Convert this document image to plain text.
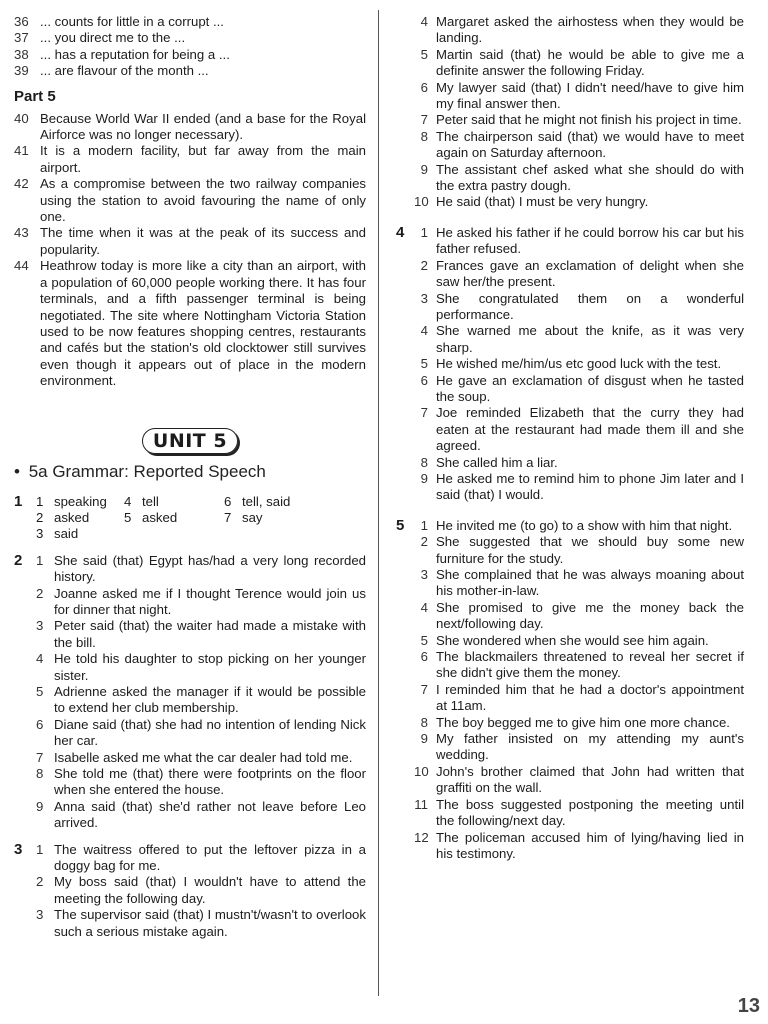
36 ... counts for little in a corrupt ...
37 ... you direct me to the ...
38 ... has a reputation for being a ...
39 ... are flavour of the month ...
Part 5
40 Because World War II ended (and a base for the Royal Airforce was no longer necessary).
41 It is a modern facility, but far away from the main airport.
42 As a compromise between the two railway companies using the station to avoid favouring the name of only one.
43 The time when it was at the peak of its success and popularity.
44 Heathrow today is more like a city than an airport, with a population of 60,000 people working there. It has four terminals, and a fifth passenger terminal is being negotiated. The site where Nottingham Victoria Station used to be now features shopping centres, restaurants and cafés but the station's old clocktower still survives even though it appears out of place in the modern environment.
UNIT 5
• 5a Grammar: Reported Speech
1	1 speaking	4 tell	6 tell, said
2 asked	5 asked	7 say
3 said
2	1 She said (that) Egypt has/had a very long recorded history.
2 Joanne asked me if I thought Terence would join us for dinner that night.
3 Peter said (that) the waiter had made a mistake with the bill.
4 He told his daughter to stop picking on her younger sister.
5 Adrienne asked the manager if it would be possible to extend her club membership.
6 Diane said (that) she had no intention of lending Nick her car.
7 Isabelle asked me what the car dealer had told me.
8 She told me (that) there were footprints on the floor when she entered the house.
9 Anna said (that) she'd rather not leave before Leo arrived.
3	1 The waitress offered to put the leftover pizza in a doggy bag for me.
2 My boss said (that) I wouldn't have to attend the meeting the following day.
3 The supervisor said (that) I mustn't/wasn't to overlook such a serious mistake again.
4 Margaret asked the airhostess when they would be landing.
5 Martin said (that) he would be able to give me a definite answer the following Friday.
6 My lawyer said (that) I didn't need/have to give him my final answer then.
7 Peter said that he might not finish his project in time.
8 The chairperson said (that) we would have to meet again on Saturday afternoon.
9 The assistant chef asked what she should do with the extra pastry dough.
10 He said (that) I must be very hungry.
4	1 He asked his father if he could borrow his car but his father refused.
2 Frances gave an exclamation of delight when she saw her/the present.
3 She congratulated them on a wonderful performance.
4 She warned me about the knife, as it was very sharp.
5 He wished me/him/us etc good luck with the test.
6 He gave an exclamation of disgust when he tasted the soup.
7 Joe reminded Elizabeth that the curry they had eaten at the restaurant had made them ill and she agreed.
8 She called him a liar.
9 He asked me to remind him to phone Jim later and I said (that) I would.
5	1 He invited me (to go) to a show with him that night.
2 She suggested that we should buy some new furniture for the study.
3 She complained that he was always moaning about his mother-in-law.
4 She promised to give me the money back the next/following day.
5 She wondered when she would see him again.
6 The blackmailers threatened to reveal her secret if she didn't give them the money.
7 I reminded him that he had a doctor's appointment at 11am.
8 The boy begged me to give him one more chance.
9 My father insisted on my attending my aunt's wedding.
10 John's brother claimed that John had written that graffiti on the wall.
11 The boss suggested postponing the meeting until the following/next day.
12 The policeman accused him of lying/having lied in his testimony.
13
